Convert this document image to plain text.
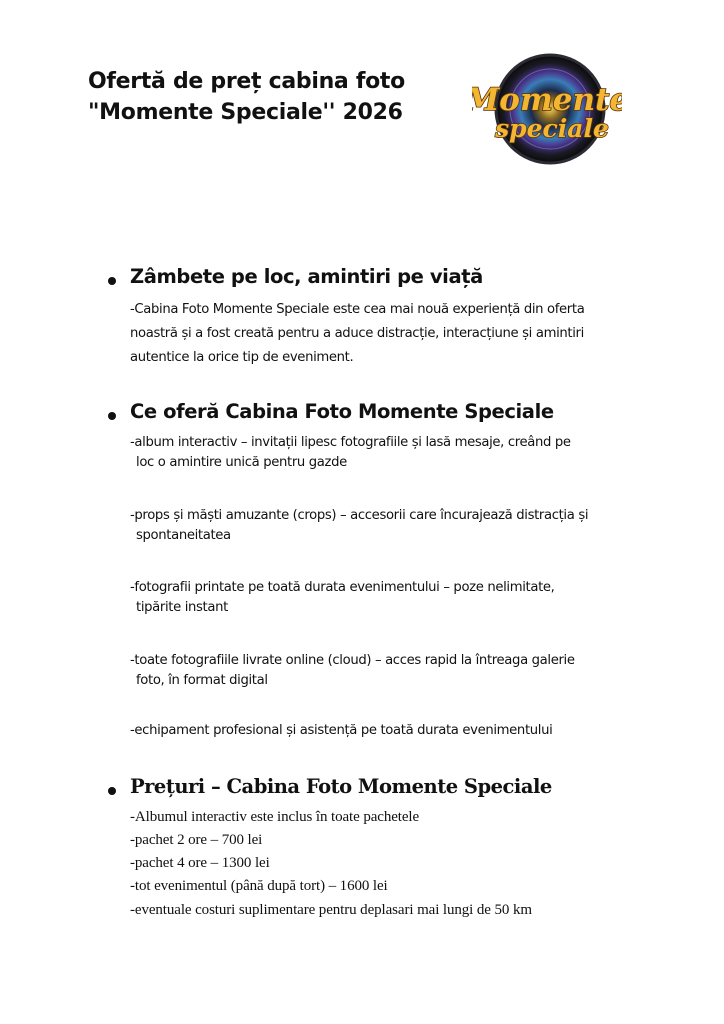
Ofertă de preț cabina foto
"Momente Speciale'' 2026 Momente
speciale
Zâmbete pe loc, amintiri pe viață
-Cabina Foto Momente Speciale este cea mai nouă experiență din oferta
noastră și a fost creată pentru a aduce distracție, interacțiune și amintiri
autentice la orice tip de eveniment.
Ce oferă Cabina Foto Momente Speciale
-album interactiv – invitații lipesc fotografiile și lasă mesaje, creând pe
loc o amintire unică pentru gazde
-props și măști amuzante (crops) – accesorii care încurajează distracția și
spontaneitatea
-fotografii printate pe toată durata evenimentului – poze nelimitate,
tipărite instant
-toate fotografiile livrate online (cloud) – acces rapid la întreaga galerie
foto, în format digital
-echipament profesional și asistență pe toată durata evenimentului
Prețuri – Cabina Foto Momente Speciale
-Albumul interactiv este inclus în toate pachetele
-pachet 2 ore – 700 lei
-pachet 4 ore – 1300 lei
-tot evenimentul (până după tort) – 1600 lei
-eventuale costuri suplimentare pentru deplasari mai lungi de 50 km
